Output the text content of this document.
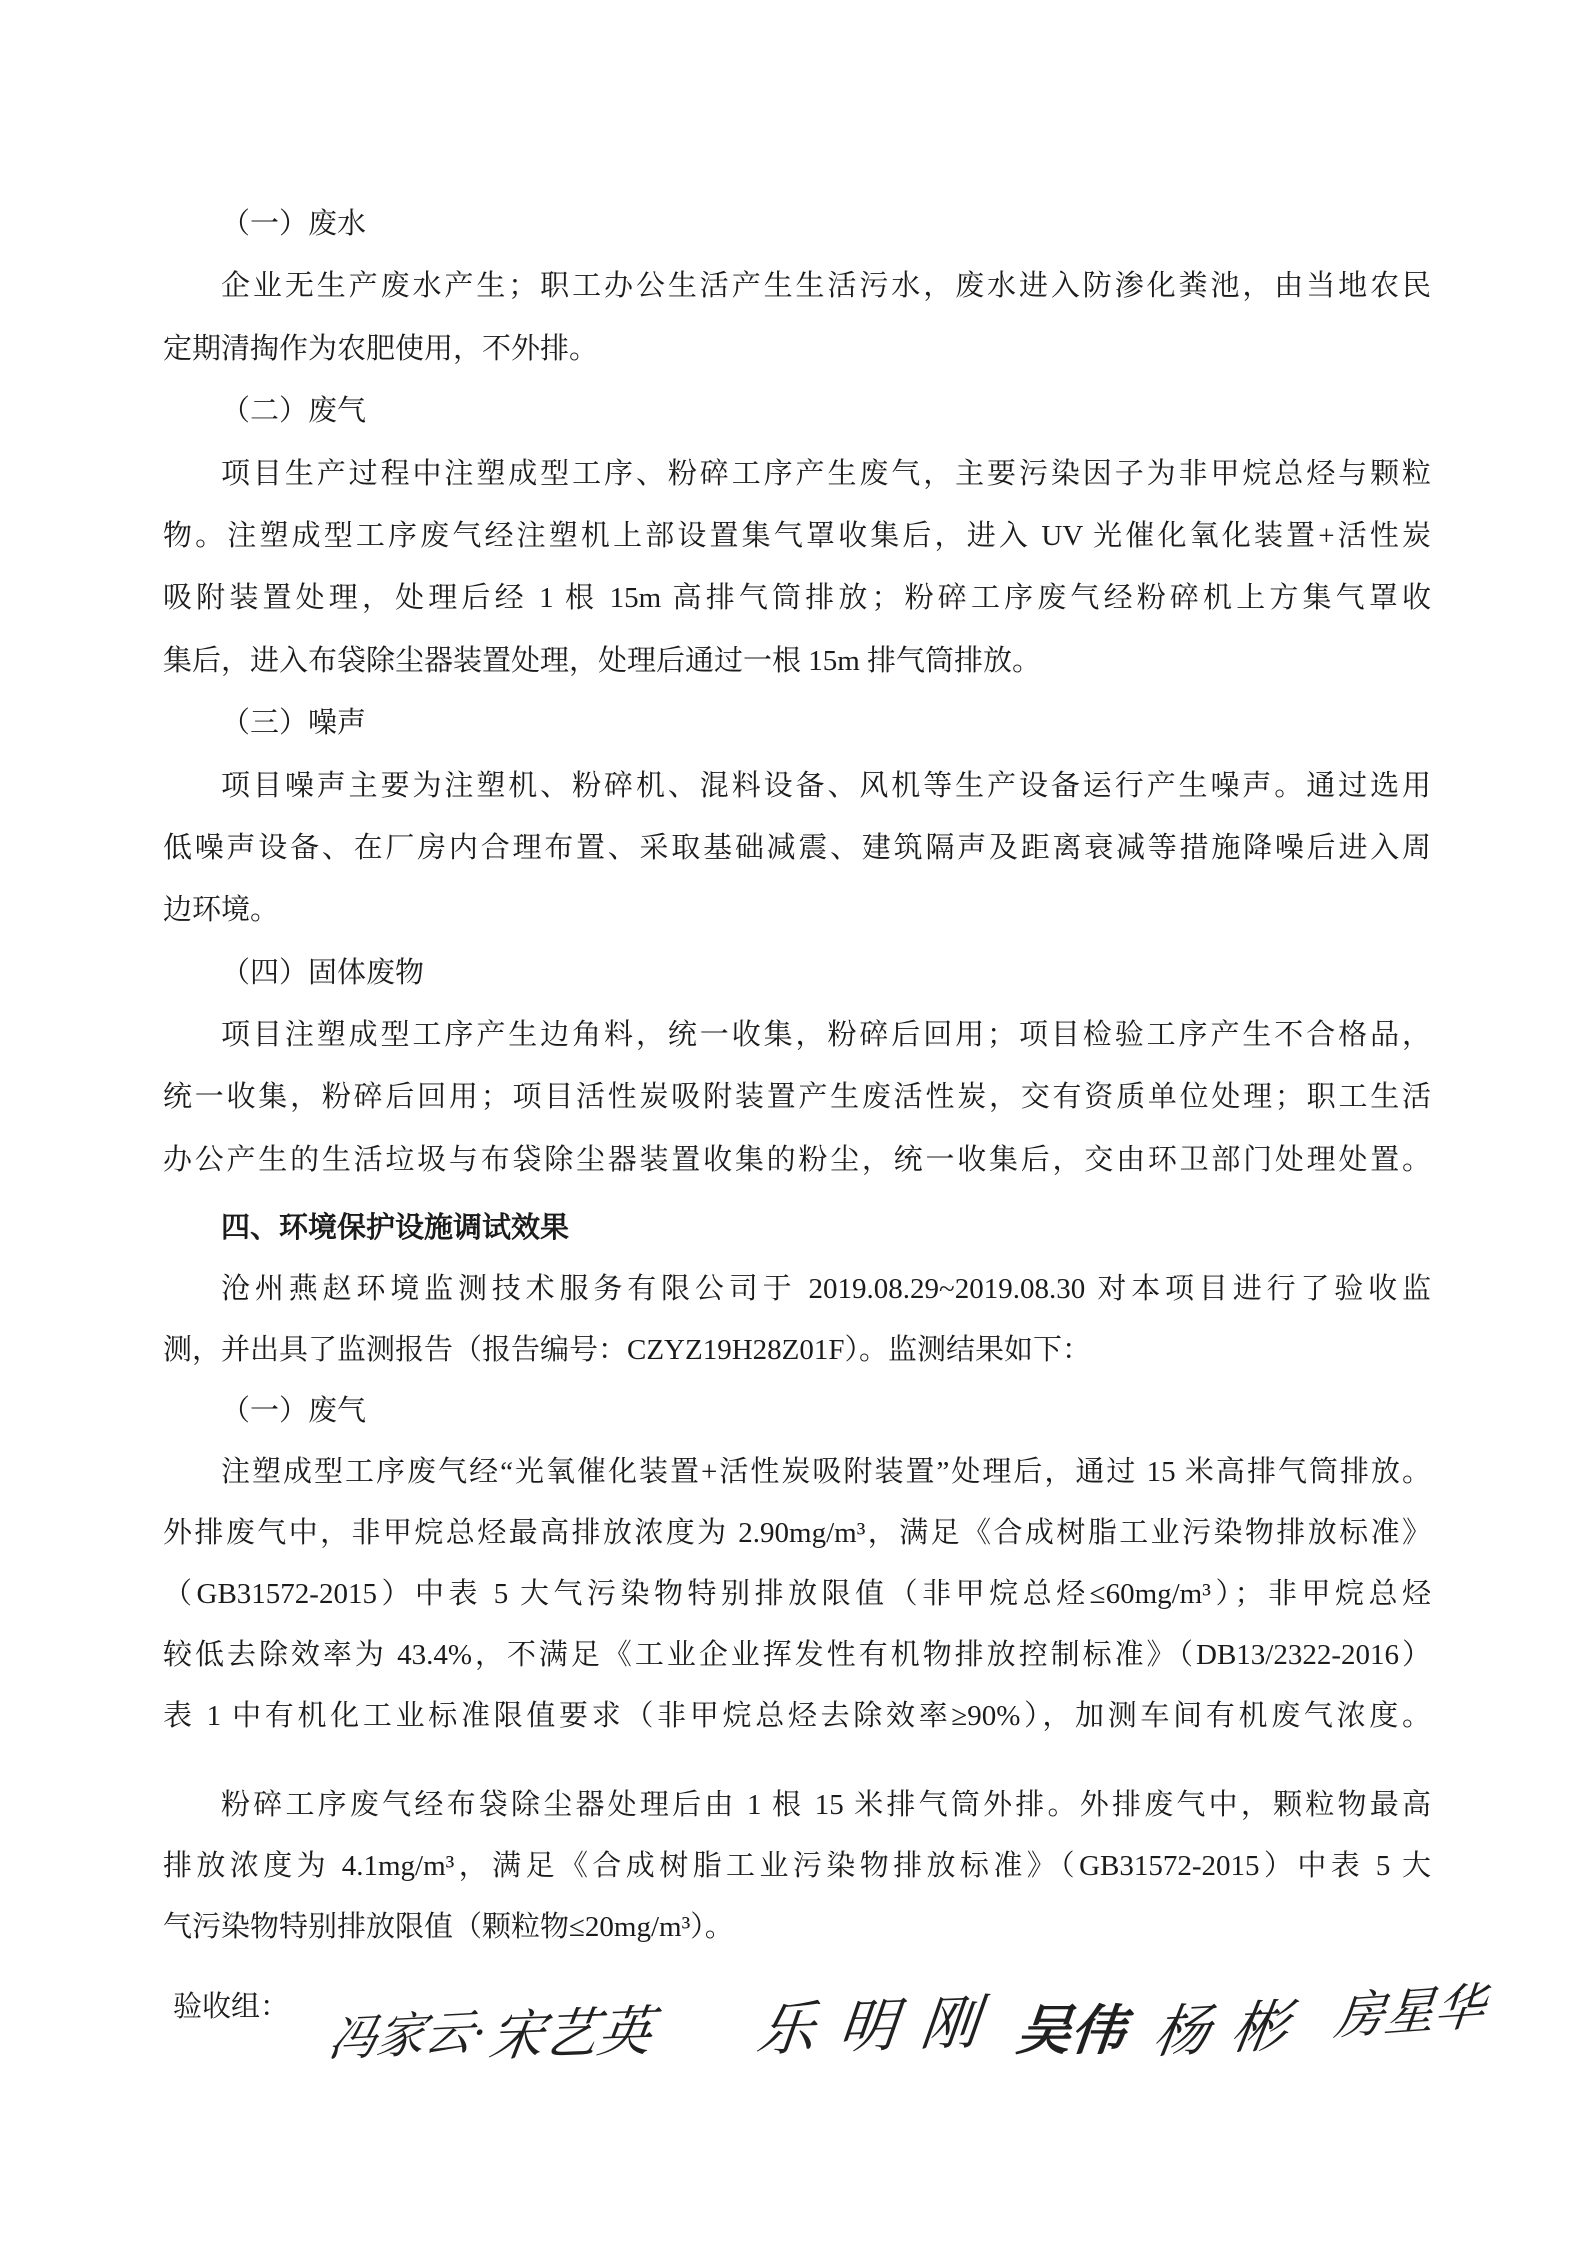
（一）废水
企业无生产废水产生；职工办公生活产生生活污水，废水进入防渗化粪池，由当地农民
定期清掏作为农肥使用，不外排。
（二）废气
项目生产过程中注塑成型工序、粉碎工序产生废气，主要污染因子为非甲烷总烃与颗粒
物。注塑成型工序废气经注塑机上部设置集气罩收集后，进入 UV 光催化氧化装置+活性炭
吸附装置处理，处理后经 1 根 15m 高排气筒排放；粉碎工序废气经粉碎机上方集气罩收
集后，进入布袋除尘器装置处理，处理后通过一根 15m 排气筒排放。
（三）噪声
项目噪声主要为注塑机、粉碎机、混料设备、风机等生产设备运行产生噪声。通过选用
低噪声设备、在厂房内合理布置、采取基础减震、建筑隔声及距离衰减等措施降噪后进入周
边环境。
（四）固体废物
项目注塑成型工序产生边角料，统一收集，粉碎后回用；项目检验工序产生不合格品，
统一收集，粉碎后回用；项目活性炭吸附装置产生废活性炭，交有资质单位处理；职工生活
办公产生的生活垃圾与布袋除尘器装置收集的粉尘，统一收集后，交由环卫部门处理处置。
四、环境保护设施调试效果
沧州燕赵环境监测技术服务有限公司于 2019.08.29~2019.08.30 对本项目进行了验收监
测，并出具了监测报告（报告编号：CZYZ19H28Z01F）。监测结果如下：
（一）废气
注塑成型工序废气经“光氧催化装置+活性炭吸附装置”处理后，通过 15 米高排气筒排放。
外排废气中，非甲烷总烃最高排放浓度为 2.90mg/m³，满足《合成树脂工业污染物排放标准》
（GB31572-2015）中表 5 大气污染物特别排放限值（非甲烷总烃≤60mg/m³）；非甲烷总烃
较低去除效率为 43.4%，不满足《工业企业挥发性有机物排放控制标准》（DB13/2322-2016）
表 1 中有机化工业标准限值要求（非甲烷总烃去除效率≥90%），加测车间有机废气浓度。
粉碎工序废气经布袋除尘器处理后由 1 根 15 米排气筒外排。外排废气中，颗粒物最高
排放浓度为 4.1mg/m³，满足《合成树脂工业污染物排放标准》（GB31572-2015）中表 5 大
气污染物特别排放限值（颗粒物≤20mg/m³）。
验收组： 冯家云·
宋艺英 乐明刚 吴伟 杨彬 房星华
